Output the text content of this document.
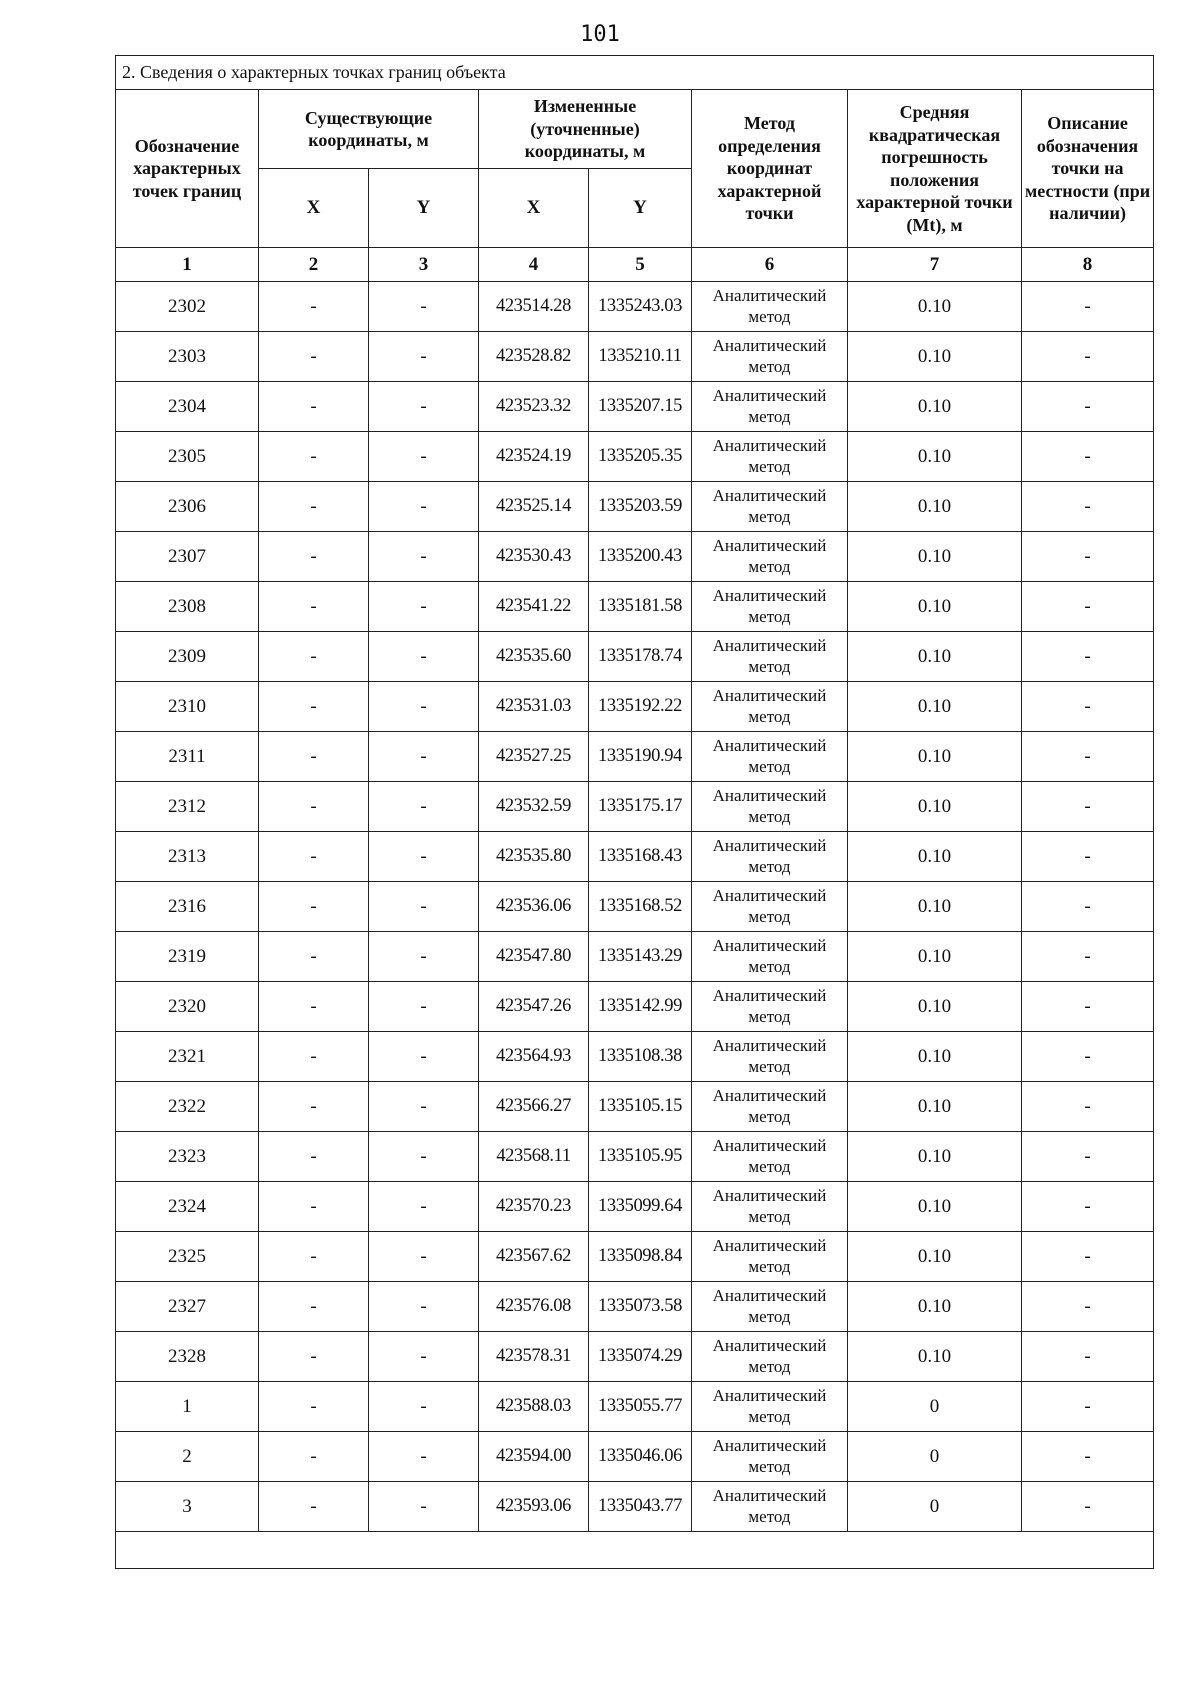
101
2. Сведения о характерных точках границ объекта							
Обозначение характерных точек границ	Существующие координаты, м		Измененные (уточненные) координаты, м		Метод определения координат характерной точки	Средняя квадратическая погрешность положения характерной точки (Mt), м	Описание обозначения точки на местности (при наличии)
	X	Y	X	Y			
1	2	3	4	5	6	7	8
2302	-	-	423514.28	1335243.03	Аналитический метод	0.10	-
2303	-	-	423528.82	1335210.11	Аналитический метод	0.10	-
2304	-	-	423523.32	1335207.15	Аналитический метод	0.10	-
2305	-	-	423524.19	1335205.35	Аналитический метод	0.10	-
2306	-	-	423525.14	1335203.59	Аналитический метод	0.10	-
2307	-	-	423530.43	1335200.43	Аналитический метод	0.10	-
2308	-	-	423541.22	1335181.58	Аналитический метод	0.10	-
2309	-	-	423535.60	1335178.74	Аналитический метод	0.10	-
2310	-	-	423531.03	1335192.22	Аналитический метод	0.10	-
2311	-	-	423527.25	1335190.94	Аналитический метод	0.10	-
2312	-	-	423532.59	1335175.17	Аналитический метод	0.10	-
2313	-	-	423535.80	1335168.43	Аналитический метод	0.10	-
2316	-	-	423536.06	1335168.52	Аналитический метод	0.10	-
2319	-	-	423547.80	1335143.29	Аналитический метод	0.10	-
2320	-	-	423547.26	1335142.99	Аналитический метод	0.10	-
2321	-	-	423564.93	1335108.38	Аналитический метод	0.10	-
2322	-	-	423566.27	1335105.15	Аналитический метод	0.10	-
2323	-	-	423568.11	1335105.95	Аналитический метод	0.10	-
2324	-	-	423570.23	1335099.64	Аналитический метод	0.10	-
2325	-	-	423567.62	1335098.84	Аналитический метод	0.10	-
2327	-	-	423576.08	1335073.58	Аналитический метод	0.10	-
2328	-	-	423578.31	1335074.29	Аналитический метод	0.10	-
1	-	-	423588.03	1335055.77	Аналитический метод	0	-
2	-	-	423594.00	1335046.06	Аналитический метод	0	-
3	-	-	423593.06	1335043.77	Аналитический метод	0	-
